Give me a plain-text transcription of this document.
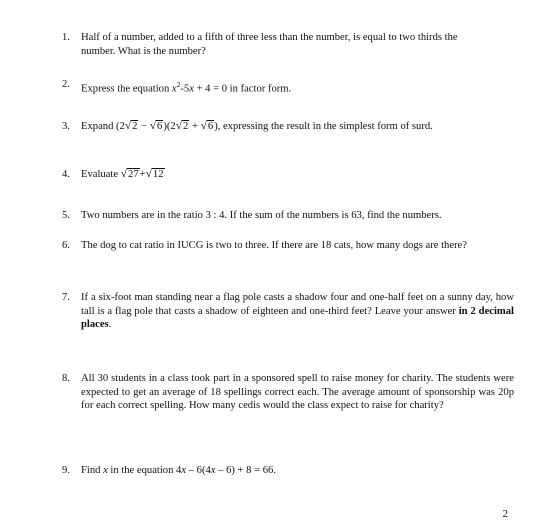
1.	Half of a number, added to a fifth of three less than the number, is equal to two thirds the
number. What is the number?
2.	Express the equation $x^2-5x + 4 = 0$ in factor form.
3.	Expand (2√2 − √6)(2√2 + √6), expressing the result in the simplest form of surd.
4.	Evaluate √27+√12
5.	Two numbers are in the ratio 3 : 4. If the sum of the numbers is 63, find the numbers.
6.	The dog to cat ratio in IUCG is two to three. If there are 18 cats, how many dogs are there?
7.	If a six-foot man standing near a flag pole casts a shadow four and one-half feet on a sunny day, how tall is a flag pole that casts a shadow of eighteen and one-third feet? Leave your answer in 2 decimal places.
8.	All 30 students in a class took part in a sponsored spell to raise money for charity. The students were expected to get an average of 18 spellings correct each. The average amount of sponsorship was 20p for each correct spelling. How many cedis would the class expect to raise for charity?
9.	Find x in the equation 4x – 6(4x – 6) + 8 = 66.
2
